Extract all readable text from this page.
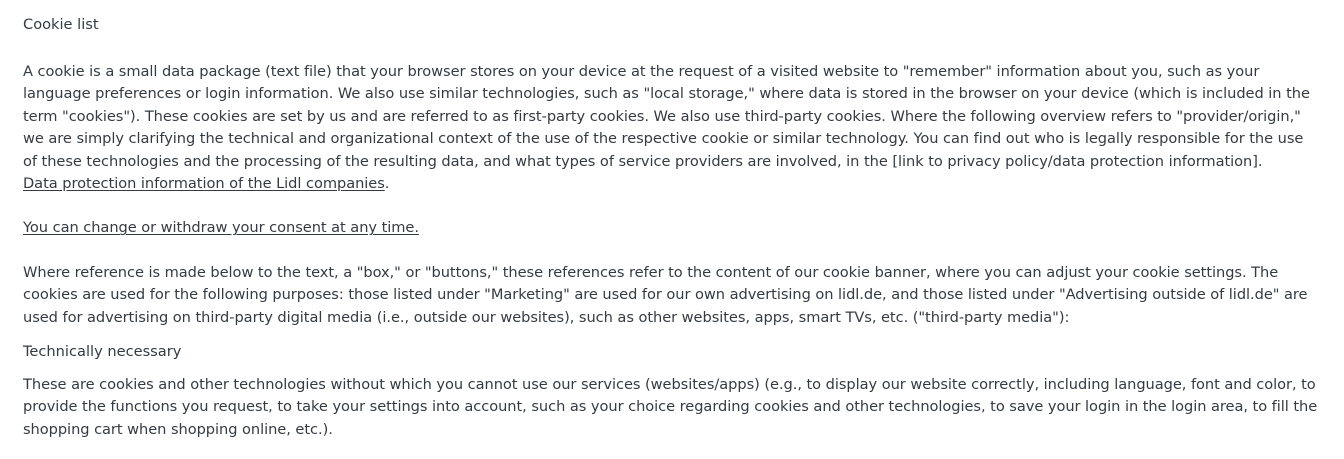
Cookie list

A cookie is a small data package (text file) that your browser stores on your device at the request of a visited website to "remember" information about you, such as your language preferences or login information. We also use similar technologies, such as "local storage," where data is stored in the browser on your device (which is included in the term "cookies"). These cookies are set by us and are referred to as first-party cookies. We also use third-party cookies. Where the following overview refers to "provider/origin," we are simply clarifying the technical and organizational context of the use of the respective cookie or similar technology. You can find out who is legally responsible for the use of these technologies and the processing of the resulting data, and what types of service providers are involved, in the [link to privacy policy/data protection information].
Data protection information of the Lidl companies.

You can change or withdraw your consent at any time.

Where reference is made below to the text, a "box," or "buttons," these references refer to the content of our cookie banner, where you can adjust your cookie settings. The cookies are used for the following purposes: those listed under "Marketing" are used for our own advertising on lidl.de, and those listed under "Advertising outside of lidl.de" are used for advertising on third-party digital media (i.e., outside our websites), such as other websites, apps, smart TVs, etc. ("third-party media"):

Technically necessary

These are cookies and other technologies without which you cannot use our services (websites/apps) (e.g., to display our website correctly, including language, font and color, to provide the functions you request, to take your settings into account, such as your choice regarding cookies and other technologies, to save your login in the login area, to fill the shopping cart when shopping online, etc.).
